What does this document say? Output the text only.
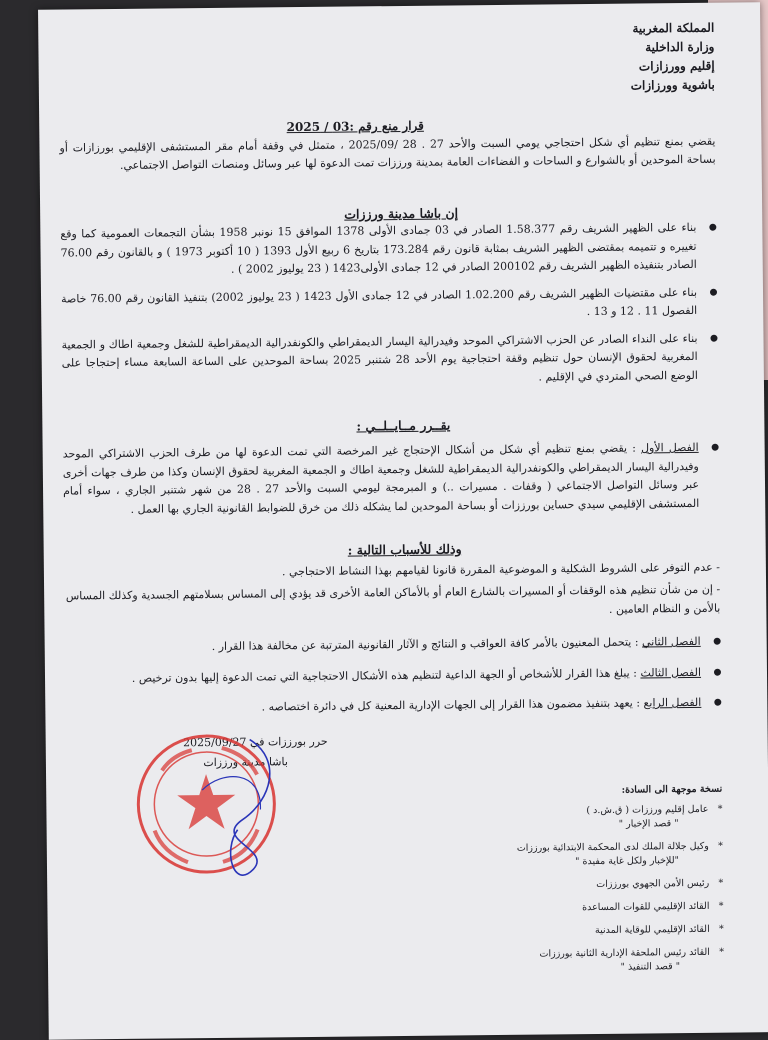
المملكة المغربية
وزارة الداخلية
إقليم وورزازات
باشوية وورزازات
قرار منع رقم :03 / 2025
يقضي بمنع تنظيم أي شكل احتجاجي يومي السبت والأحد 27 . 28 /2025/09 ، متمثل في وقفة أمام مقر المستشفى الإقليمي بورزازات أو بساحة الموحدين أو بالشوارع و الساحات و الفضاءات العامة بمدينة ورززات تمت الدعوة لها عبر وسائل ومنصات التواصل الاجتماعي.
إن باشا مدينة ورززات
بناء على الظهير الشريف رقم 1.58.377 الصادر في 03 جمادى الأولى 1378 الموافق 15 نونبر 1958 بشأن التجمعات العمومية كما وقع تغييره و تتميمه بمقتضى الظهير الشريف بمثابة قانون رقم 173.284 بتاريخ 6 ربيع الأول 1393 ( 10 أكتوبر 1973 ) و بالقانون رقم 76.00 الصادر بتنفيذه الظهير الشريف رقم 200102 الصادر في 12 جمادى الأولى1423 ( 23 يوليوز 2002 ) .
بناء على مقتضيات الظهير الشريف رقم 1.02.200 الصادر في 12 جمادى الأول 1423 ( 23 يوليوز 2002) بتنفيذ القانون رقم 76.00 خاصة الفصول 11 . 12 و 13 .
بناء على النداء الصادر عن الحزب الاشتراكي الموحد وفيدرالية اليسار الديمقراطي والكونفدرالية الديمقراطية للشغل وجمعية اطاك و الجمعية المغربية لحقوق الإنسان حول تنظيم وقفة احتجاجية يوم الأحد 28 شتنبر 2025 بساحة الموحدين على الساعة السابعة مساء إحتجاجا على الوضع الصحي المتردي في الإقليم .
يقــرر مــايــلــي :
الفصل الأول : يقضي بمنع تنظيم أي شكل من أشكال الإحتجاج غير المرخصة التي تمت الدعوة لها من طرف الحزب الاشتراكي الموحد وفيدرالية اليسار الديمقراطي والكونفدرالية الديمقراطية للشغل وجمعية اطاك و الجمعية المغربية لحقوق الإنسان وكذا من طرف جهات أخرى عبر وسائل التواصل الاجتماعي ( وقفات . مسيرات ..) و المبرمجة ليومي السبت والأحد 27 . 28 من شهر شتنبر الجاري ، سواء أمام المستشفى الإقليمي سيدي حساين بورززات أو بساحة الموحدين لما يشكله ذلك من خرق للضوابط القانونية الجاري بها العمل .
وذلك للأسباب التالية :
- عدم التوفر على الشروط الشكلية و الموضوعية المقررة قانونا لقيامهم بهذا النشاط الاحتجاجي .
- إن من شأن تنظيم هذه الوقفات أو المسيرات بالشارع العام أو بالأماكن العامة الأخرى قد يؤدي إلى المساس بسلامتهم الجسدية وكذلك المساس بالأمن و النظام العامين .
الفصل الثاني : يتحمل المعنيون بالأمر كافة العواقب و النتائج و الآثار القانونية المترتبة عن مخالفة هذا القرار .
الفصل الثالث : يبلغ هذا القرار للأشخاص أو الجهة الداعية لتنظيم هذه الأشكال الاحتجاجية التي تمت الدعوة إليها بدون ترخيص .
الفصل الرابع : يعهد بتنفيذ مضمون هذا القرار إلى الجهات الإدارية المعنية كل في دائرة اختصاصه .
حرر بورززات في 2025/09/27
باشا مدينة ورززات
نسخة موجهة الى السادة:
*
عامل إقليم ورززات ( ق.ش.د )
" قصد الإخبار "
*
وكيل جلالة الملك لدى المحكمة الابتدائية بورززات
"للإخبار ولكل غاية مفيدة "
*
رئيس الأمن الجهوي بورززات
*
القائد الإقليمي للقوات المساعدة
*
القائد الإقليمي للوقاية المدنية
*
القائد رئيس الملحقة الإدارية الثانية بورززات
" قصد التنفيذ "
